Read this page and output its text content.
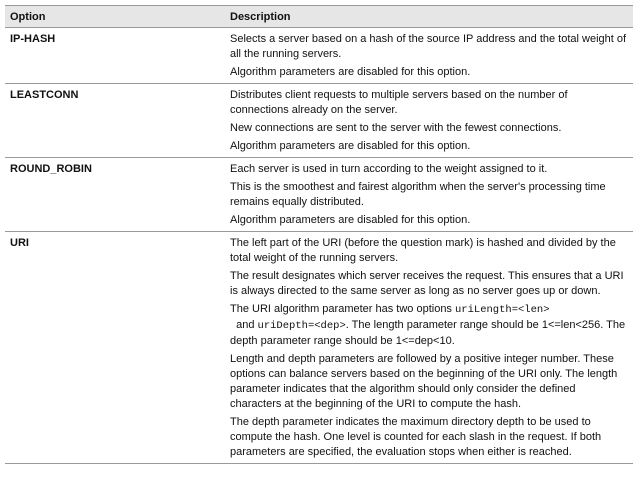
Option	Description
IP-HASH	Selects a server based on a hash of the source IP address and the total weight of all the running servers.

Algorithm parameters are disabled for this option.

LEASTCONN	Distributes client requests to multiple servers based on the number of connections already on the server.

New connections are sent to the server with the fewest connections.

Algorithm parameters are disabled for this option.

ROUND_ROBIN	Each server is used in turn according to the weight assigned to it.

This is the smoothest and fairest algorithm when the server's processing time remains equally distributed.

Algorithm parameters are disabled for this option.

URI	The left part of the URI (before the question mark) is hashed and divided by the total weight of the running servers.

The result designates which server receives the request. This ensures that a URI is always directed to the same server as long as no server goes up or down.

The URI algorithm parameter has two options uriLength=<len>  and uriDepth=<dep>. The length parameter range should be 1<=len<256. The depth parameter range should be 1<=dep<10.

Length and depth parameters are followed by a positive integer number. These options can balance servers based on the beginning of the URI only. The length parameter indicates that the algorithm should only consider the defined characters at the beginning of the URI to compute the hash.

The depth parameter indicates the maximum directory depth to be used to compute the hash. One level is counted for each slash in the request. If both parameters are specified, the evaluation stops when either is reached.
